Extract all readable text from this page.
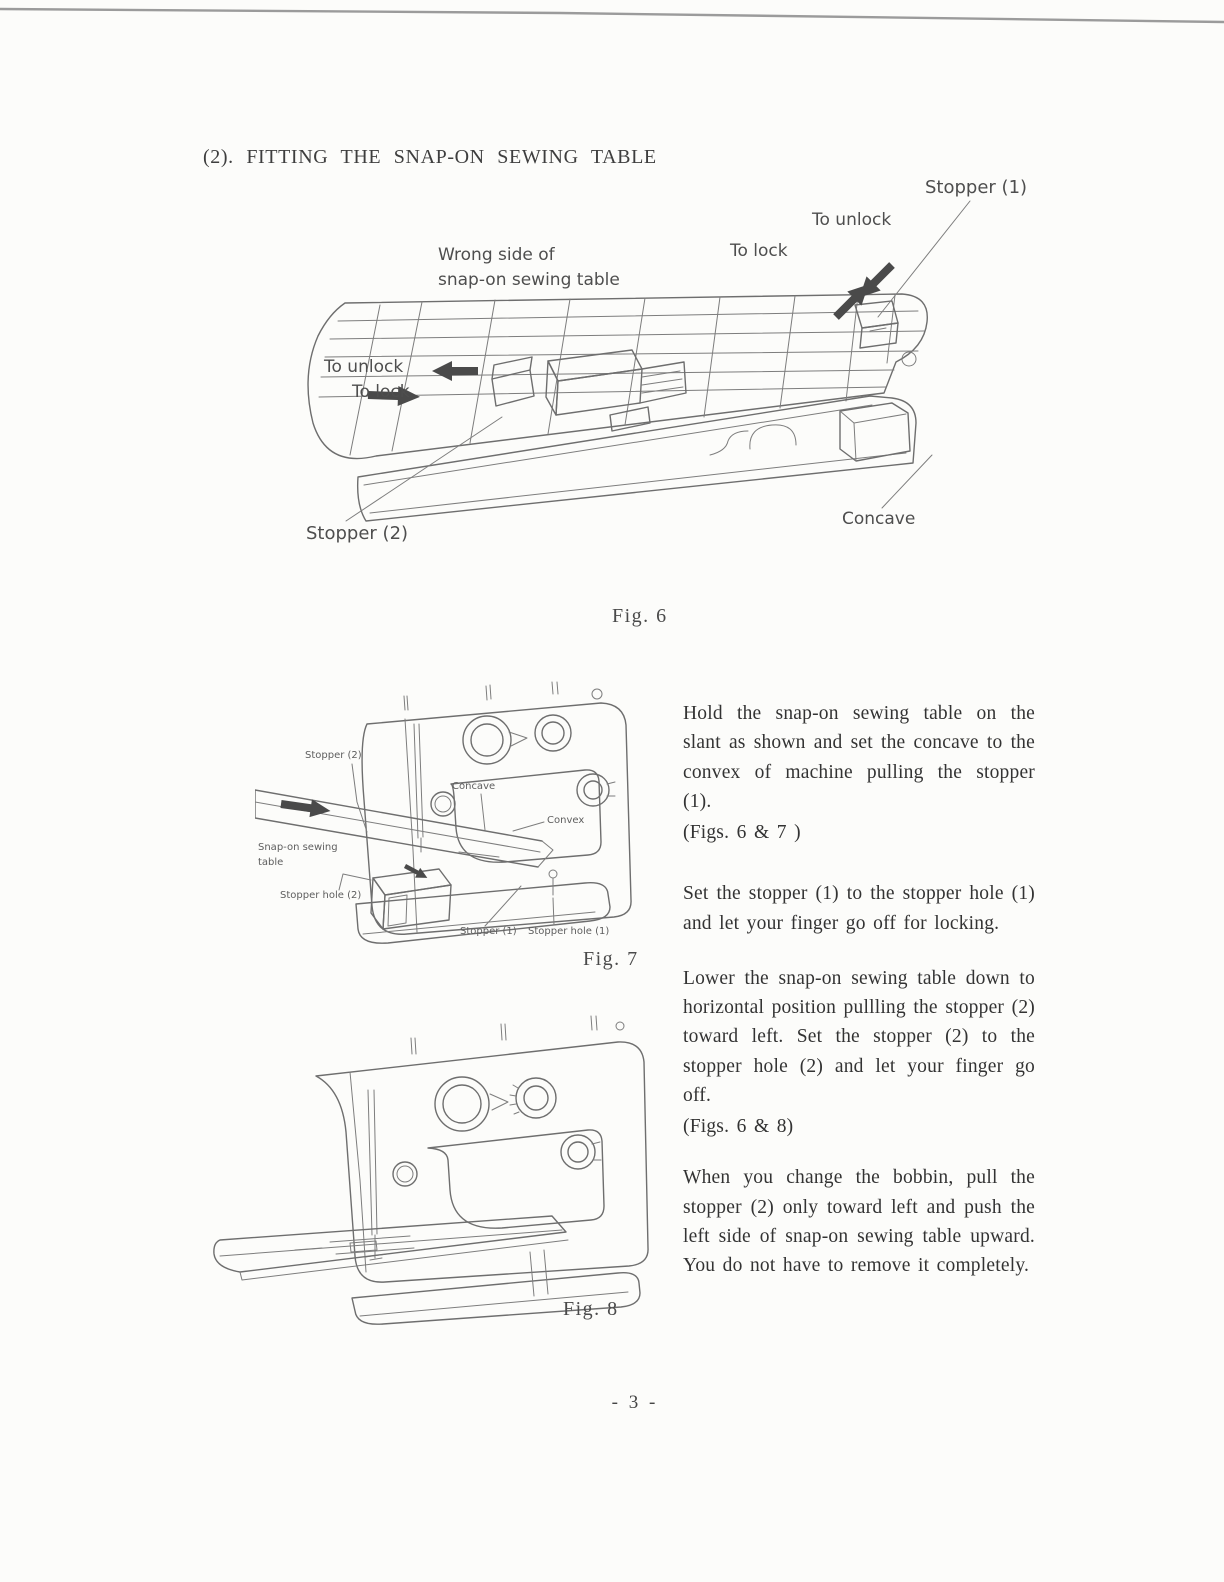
(2). FITTING THE SNAP-ON SEWING TABLE
Stopper (1)
To unlock
To lock
Wrong side of
snap-on sewing table
To unlock
To lock
Stopper (2)
Concave
Fig. 6
Stopper (2)
Concave
Convex
Snap-on sewing
table
Stopper hole (2)
Stopper (1) Stopper hole (1)
Fig. 7
Fig. 8

Hold the snap-on sewing table on the slant as shown and set the concave to the convex of machine pulling the stopper (1).

(Figs. 6 & 7 )

Set the stopper (1) to the stopper hole (1) and let your finger go off for locking.

Lower the snap-on sewing table down to horizontal position pullling the stopper (2) toward left. Set the stopper (2) to the stopper hole (2) and let your finger go off.

(Figs. 6 & 8)

When you change the bobbin, pull the stopper (2) only toward left and push the left side of snap-on sewing table upward. You do not have to remove it completely.

- 3 -
